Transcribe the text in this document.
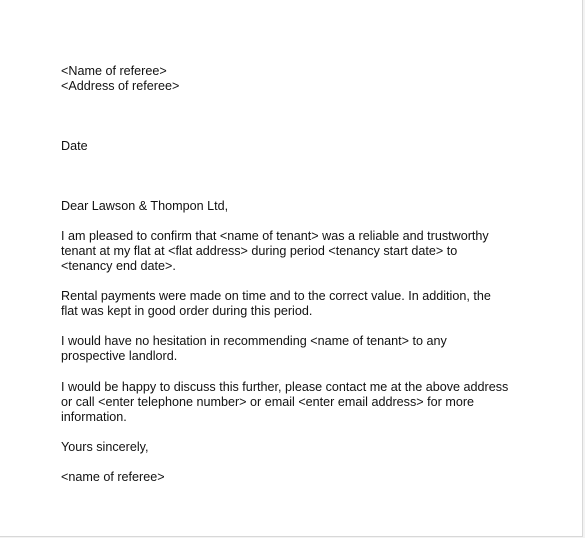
<Name of referee>
<Address of referee>
Date
Dear Lawson & Thompon Ltd,
I am pleased to confirm that <name of tenant> was a reliable and trustworthy
tenant at my flat at <flat address> during period <tenancy start date> to
<tenancy end date>.
Rental payments were made on time and to the correct value. In addition, the
flat was kept in good order during this period.
I would have no hesitation in recommending <name of tenant> to any
prospective landlord.
I would be happy to discuss this further, please contact me at the above address
or call <enter telephone number> or email <enter email address> for more
information.
Yours sincerely,
<name of referee>
